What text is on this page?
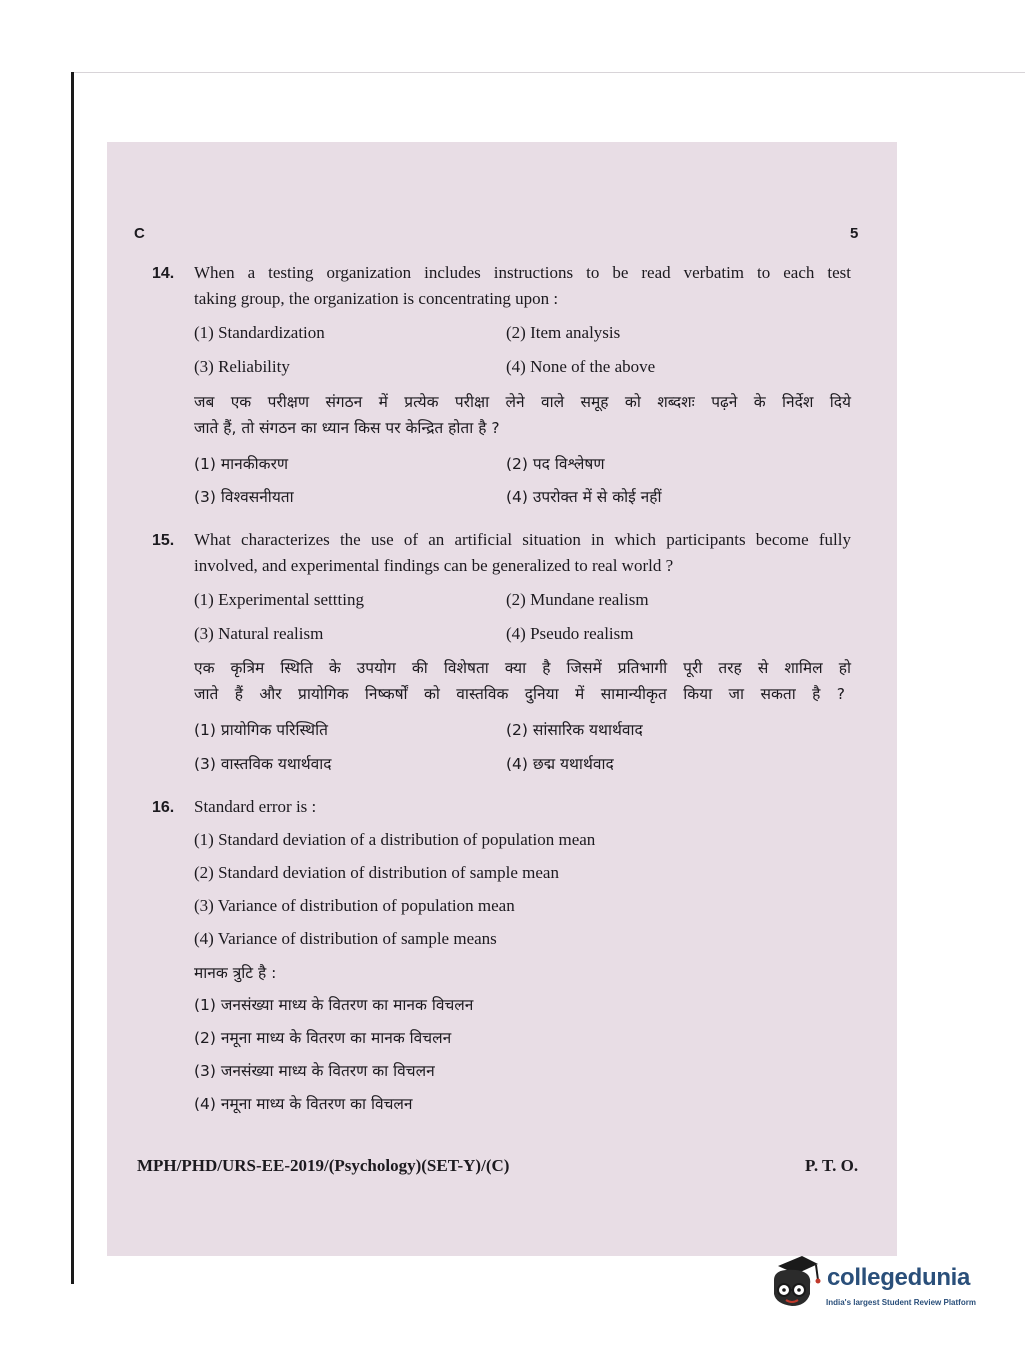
C	5
14. When a testing organization includes instructions to be read verbatim to each test
taking group, the organization is concentrating upon :
(1) Standardization	(2) Item analysis
(3) Reliability	(4) None of the above
जब एक परीक्षण संगठन में प्रत्येक परीक्षा लेने वाले समूह को शब्दशः पढ़ने के निर्देश दिये
जाते हैं, तो संगठन का ध्यान किस पर केन्द्रित होता है ?
(1) मानकीकरण	(2) पद विश्लेषण
(3) विश्वसनीयता	(4) उपरोक्त में से कोई नहीं
15. What characterizes the use of an artificial situation in which participants become fully
involved, and experimental findings can be generalized to real world ?
(1) Experimental settting	(2) Mundane realism
(3) Natural realism	(4) Pseudo realism
एक कृत्रिम स्थिति के उपयोग की विशेषता क्या है जिसमें प्रतिभागी पूरी तरह से शामिल हो
जाते हैं और प्रायोगिक निष्कर्षों को वास्तविक दुनिया में सामान्यीकृत किया जा सकता है ?
(1) प्रायोगिक परिस्थिति	(2) सांसारिक यथार्थवाद
(3) वास्तविक यथार्थवाद	(4) छद्म यथार्थवाद
16. Standard error is :
(1) Standard deviation of a distribution of population mean
(2) Standard deviation of distribution of sample mean
(3) Variance of distribution of population mean
(4) Variance of distribution of sample means
मानक त्रुटि है :
(1) जनसंख्या माध्य के वितरण का मानक विचलन
(2) नमूना माध्य के वितरण का मानक विचलन
(3) जनसंख्या माध्य के वितरण का विचलन
(4) नमूना माध्य के वितरण का विचलन
MPH/PHD/URS-EE-2019/(Psychology)(SET-Y)/(C)	P. T. O.
collegedunia
India's largest Student Review Platform
